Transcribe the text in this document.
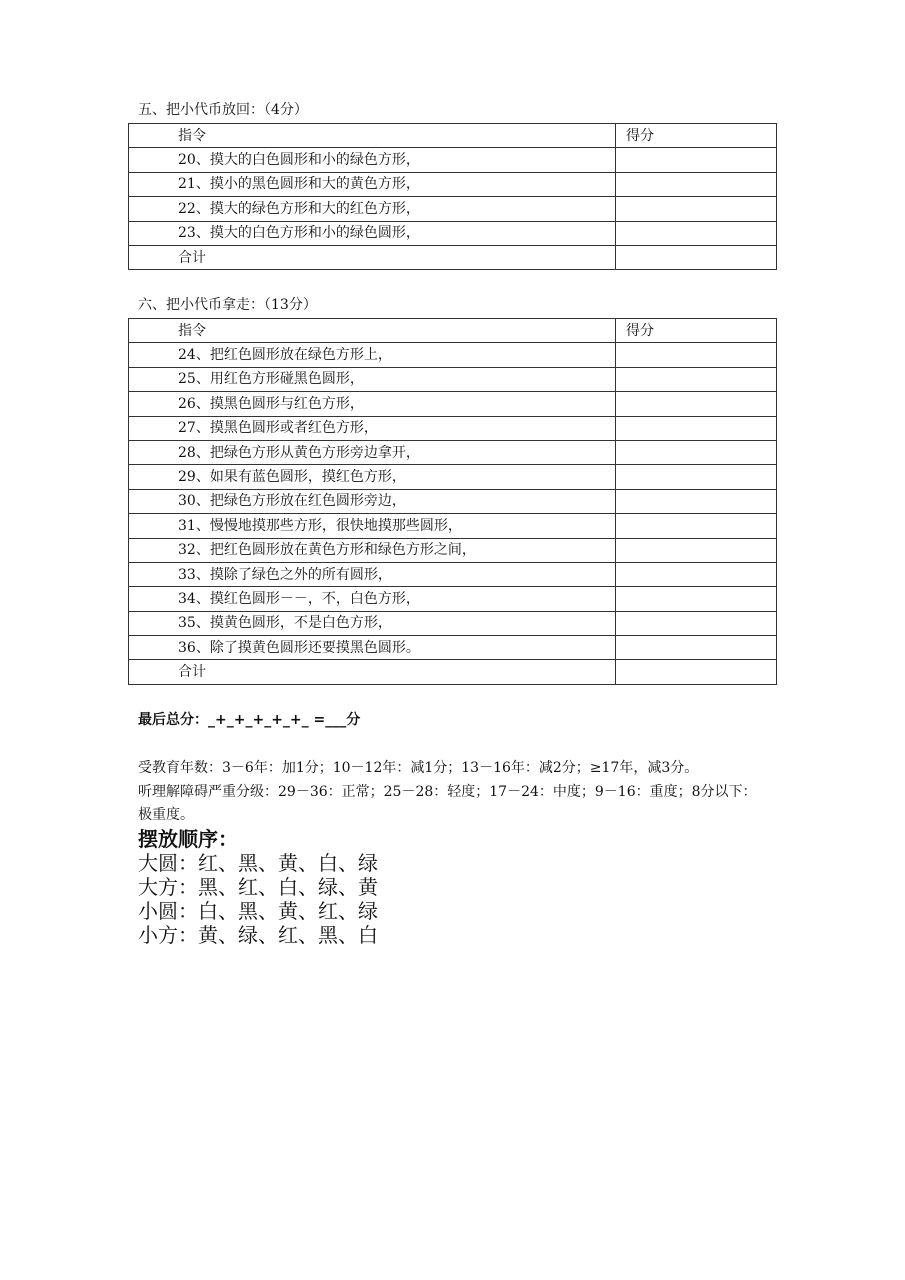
五、把小代币放回：（4分）
指令	得分
20、摸大的白色圆形和小的绿色方形，	
21、摸小的黑色圆形和大的黄色方形，	
22、摸大的绿色方形和大的红色方形，	
23、摸大的白色方形和小的绿色圆形，	
合计	
六、把小代币拿走：（13分）
指令	得分
24、把红色圆形放在绿色方形上，	
25、用红色方形碰黑色圆形，	
26、摸黑色圆形与红色方形，	
27、摸黑色圆形或者红色方形，	
28、把绿色方形从黄色方形旁边拿开，	
29、如果有蓝色圆形，摸红色方形，	
30、把绿色方形放在红色圆形旁边，	
31、慢慢地摸那些方形，很快地摸那些圆形，	
32、把红色圆形放在黄色方形和绿色方形之间，	
33、摸除了绿色之外的所有圆形，	
34、摸红色圆形－－，不，白色方形，	
35、摸黄色圆形，不是白色方形，	
36、除了摸黄色圆形还要摸黑色圆形。	
合计	
最后总分：_+_+_+_+_+_ =___分
受教育年数：3－6年：加1分；10－12年：减1分；13－16年：减2分；≥17年，减3分。
听理解障碍严重分级：29－36：正常；25－28：轻度；17－24：中度；9－16：重度；8分以下：
极重度。
摆放顺序：
大圆：红、黑、黄、白、绿
大方：黑、红、白、绿、黄
小圆：白、黑、黄、红、绿
小方：黄、绿、红、黑、白
